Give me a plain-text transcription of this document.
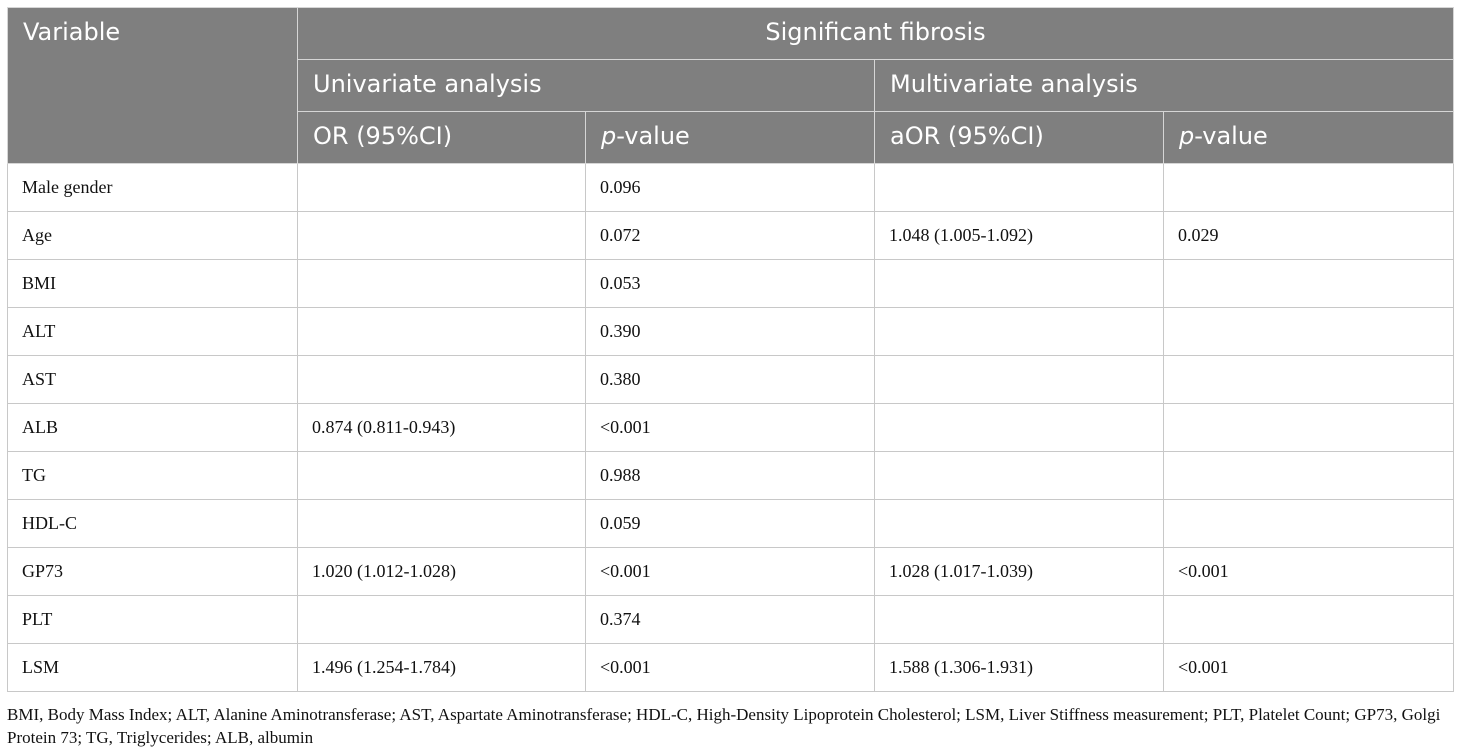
Variable	Significant fibrosis			
	Univariate analysis		Multivariate analysis	
	OR (95%CI)	p-value	aOR (95%CI)	p-value
Male gender		0.096		
Age		0.072	1.048 (1.005-1.092)	0.029
BMI		0.053		
ALT		0.390		
AST		0.380		
ALB	0.874 (0.811-0.943)	<0.001		
TG		0.988		
HDL-C		0.059		
GP73	1.020 (1.012-1.028)	<0.001	1.028 (1.017-1.039)	<0.001
PLT		0.374		
LSM	1.496 (1.254-1.784)	<0.001	1.588 (1.306-1.931)	<0.001

BMI, Body Mass Index; ALT, Alanine Aminotransferase; AST, Aspartate Aminotransferase; HDL-C, High-Density Lipoprotein Cholesterol; LSM, Liver Stiffness measurement; PLT, Platelet Count; GP73, Golgi Protein 73; TG, Triglycerides; ALB, albumin
